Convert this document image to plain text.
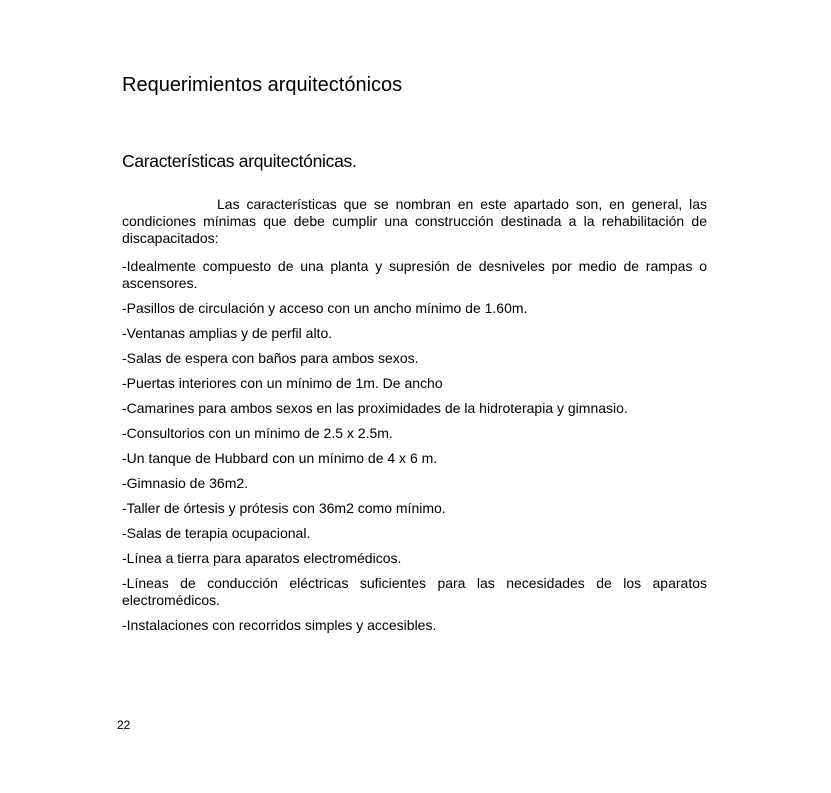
Requerimientos arquitectónicos
Características arquitectónicas.

Las características que se nombran en este apartado son, en general, las condiciones mínimas que debe cumplir una construcción destinada a la rehabilitación de discapacitados:

-Idealmente compuesto de una planta y supresión de desniveles por medio de rampas o ascensores.
-Pasillos de circulación y acceso con un ancho mínimo de 1.60m.
-Ventanas amplias y de perfil alto.
-Salas de espera con baños para ambos sexos.
-Puertas interiores con un mínimo de 1m. De ancho
-Camarines para ambos sexos en las proximidades de la hidroterapia y gimnasio.
-Consultorios con un mínimo de 2.5 x 2.5m.
-Un tanque de Hubbard con un mínimo de 4 x 6 m.
-Gimnasio de 36m2.
-Taller de órtesis y prótesis con 36m2 como mínimo.
-Salas de terapia ocupacional.
-Línea a tierra para aparatos electromédicos.
-Líneas de conducción eléctricas suficientes para las necesidades de los aparatos electromédicos.
-Instalaciones con recorridos simples y accesibles.
22
